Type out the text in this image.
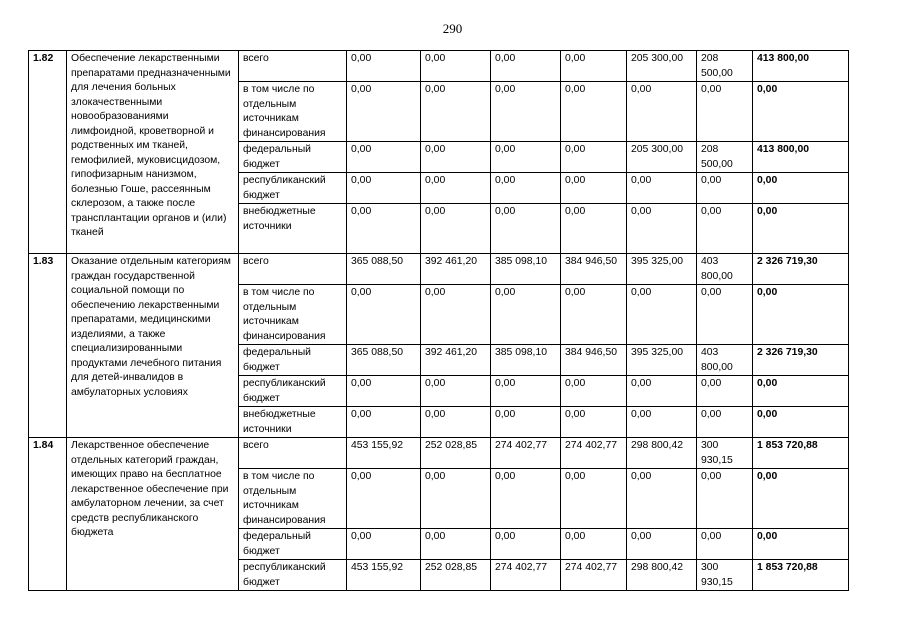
290
1.82	Обеспечение лекарственными препаратами предназначенными для лечения больных злокачественными новообразованиями лимфоидной, кроветворной и родственных им тканей, гемофилией, муковисцидозом, гипофизарным нанизмом, болезнью Гоше, рассеянным склерозом, а также после трансплантации органов и (или) тканей	всего	0,00	0,00	0,00	0,00	205 300,00	208 500,00	413 800,00
		в том числе по отдельным источникам финансирования	0,00	0,00	0,00	0,00	0,00	0,00	0,00
		федеральный бюджет	0,00	0,00	0,00	0,00	205 300,00	208 500,00	413 800,00
		республиканский бюджет	0,00	0,00	0,00	0,00	0,00	0,00	0,00
		внебюджетные источники	0,00	0,00	0,00	0,00	0,00	0,00	0,00
1.83	Оказание отдельным категориям граждан государственной социальной помощи по обеспечению лекарственными препаратами, медицинскими изделиями, а также специализированными продуктами лечебного питания для детей-инвалидов в амбулаторных условиях	всего	365 088,50	392 461,20	385 098,10	384 946,50	395 325,00	403 800,00	2 326 719,30
		в том числе по отдельным источникам финансирования	0,00	0,00	0,00	0,00	0,00	0,00	0,00
		федеральный бюджет	365 088,50	392 461,20	385 098,10	384 946,50	395 325,00	403 800,00	2 326 719,30
		республиканский бюджет	0,00	0,00	0,00	0,00	0,00	0,00	0,00
		внебюджетные источники	0,00	0,00	0,00	0,00	0,00	0,00	0,00
1.84	Лекарственное обеспечение отдельных категорий граждан, имеющих право на бесплатное лекарственное обеспечение при амбулаторном лечении, за счет средств республиканского бюджета	всего	453 155,92	252 028,85	274 402,77	274 402,77	298 800,42	300 930,15	1 853 720,88
		в том числе по отдельным источникам финансирования	0,00	0,00	0,00	0,00	0,00	0,00	0,00
		федеральный бюджет	0,00	0,00	0,00	0,00	0,00	0,00	0,00
		республиканский бюджет	453 155,92	252 028,85	274 402,77	274 402,77	298 800,42	300 930,15	1 853 720,88
